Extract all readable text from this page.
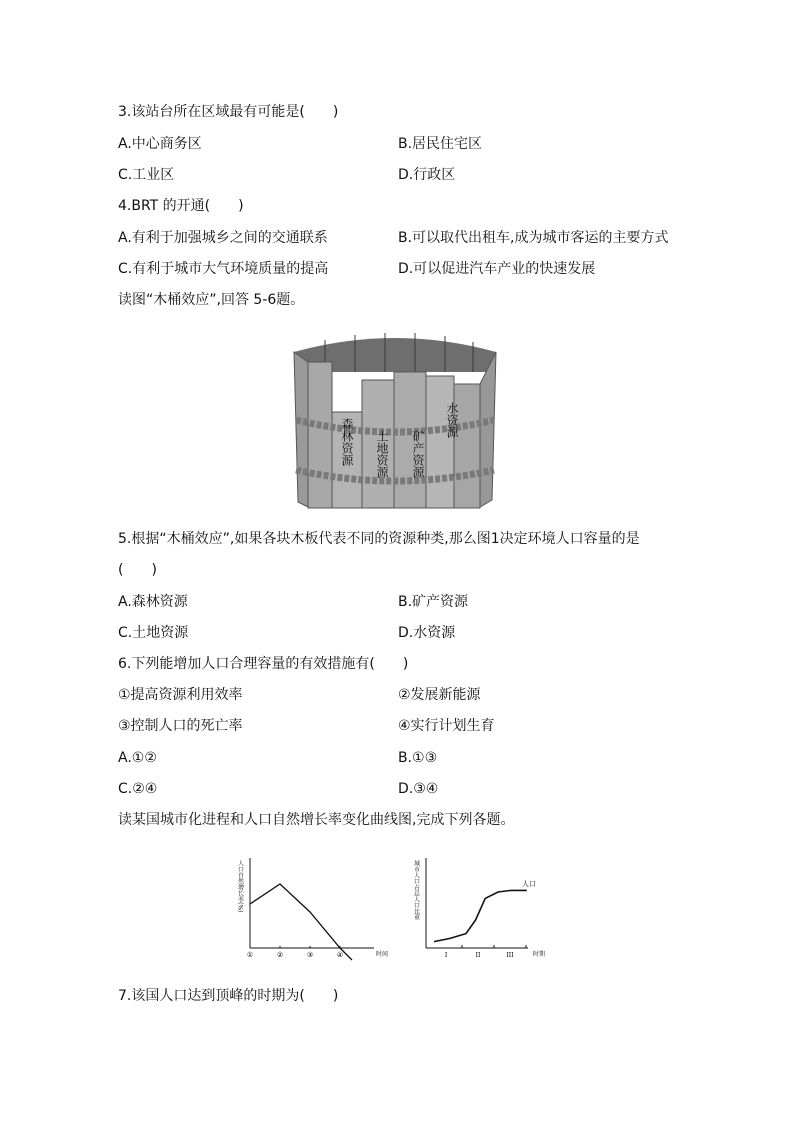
3.该站台所在区域最有可能是(　　)
A.中心商务区	B.居民住宅区
C.工业区	D.行政区
4.BRT 的开通(　　)
A.有利于加强城乡之间的交通联系	B.可以取代出租车,成为城市客运的主要方式
C.有利于城市大气环境质量的提高	D.可以促进汽车产业的快速发展
读图“木桶效应”,回答 5-6题。
森林资源 土地资源 矿产资源
水资源
5.根据“木桶效应”,如果各块木板代表不同的资源种类,那么图1决定环境人口容量的是
(　　)
A.森林资源	B.矿产资源
C.土地资源	D.水资源
6.下列能增加人口合理容量的有效措施有(　　)
①提高资源利用效率	②发展新能源
③控制人口的死亡率	④实行计划生育
A.①②	B.①③
C.②④	D.③④
读某国城市化进程和人口自然增长率变化曲线图,完成下列各题。
人口自然增长率(%)
时间
①	②	③	④
城市人口占总人口比重
时期
人口
I	II	III
7.该国人口达到顶峰的时期为(　　)
